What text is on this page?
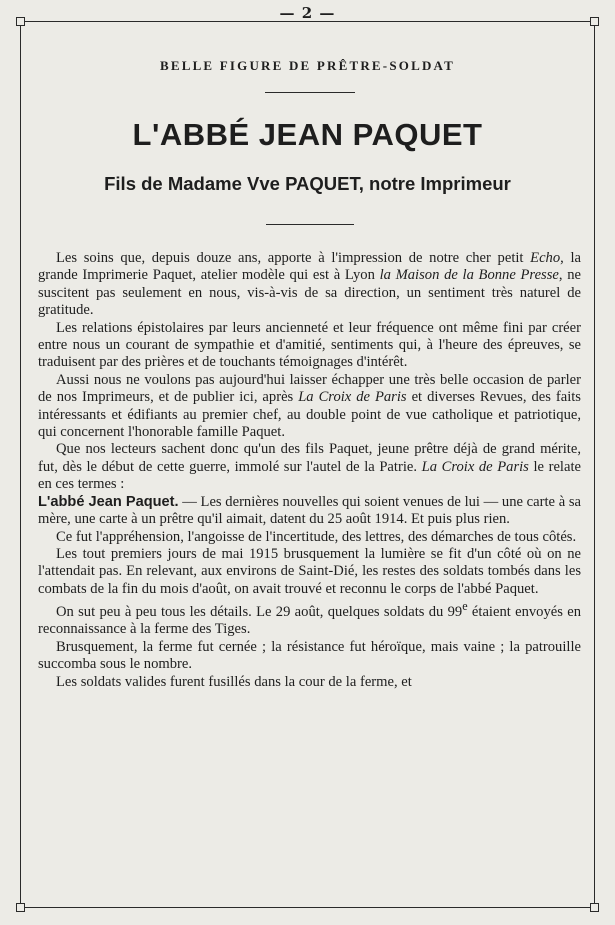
— 2 —
BELLE FIGURE DE PRÊTRE-SOLDAT
L'ABBÉ JEAN PAQUET
Fils de Madame Vve PAQUET, notre Imprimeur

Les soins que, depuis douze ans, apporte à l'impression de notre cher petit Echo, la grande Imprimerie Paquet, atelier modèle qui est à Lyon la Maison de la Bonne Presse, ne suscitent pas seulement en nous, vis-à-vis de sa direction, un sentiment très naturel de gratitude.

Les relations épistolaires par leurs ancienneté et leur fréquence ont même fini par créer entre nous un courant de sympathie et d'amitié, sentiments qui, à l'heure des épreuves, se traduisent par des prières et de touchants témoignages d'intérêt.

Aussi nous ne voulons pas aujourd'hui laisser échapper une très belle occasion de parler de nos Imprimeurs, et de publier ici, après La Croix de Paris et diverses Revues, des faits intéressants et édifiants au premier chef, au double point de vue catholique et patriotique, qui concernent l'honorable famille Paquet.

Que nos lecteurs sachent donc qu'un des fils Paquet, jeune prêtre déjà de grand mérite, fut, dès le début de cette guerre, immolé sur l'autel de la Patrie. La Croix de Paris le relate en ces termes :

L'abbé Jean Paquet. — Les dernières nouvelles qui soient venues de lui — une carte à sa mère, une carte à un prêtre qu'il aimait, datent du 25 août 1914. Et puis plus rien.

Ce fut l'appréhension, l'angoisse de l'incertitude, des lettres, des démarches de tous côtés.

Les tout premiers jours de mai 1915 brusquement la lumière se fit d'un côté où on ne l'attendait pas. En relevant, aux environs de Saint-Dié, les restes des soldats tombés dans les combats de la fin du mois d'août, on avait trouvé et reconnu le corps de l'abbé Paquet.

On sut peu à peu tous les détails. Le 29 août, quelques soldats du 99e étaient envoyés en reconnaissance à la ferme des Tiges.

Brusquement, la ferme fut cernée ; la résistance fut héroïque, mais vaine ; la patrouille succomba sous le nombre.

Les soldats valides furent fusillés dans la cour de la ferme, et
